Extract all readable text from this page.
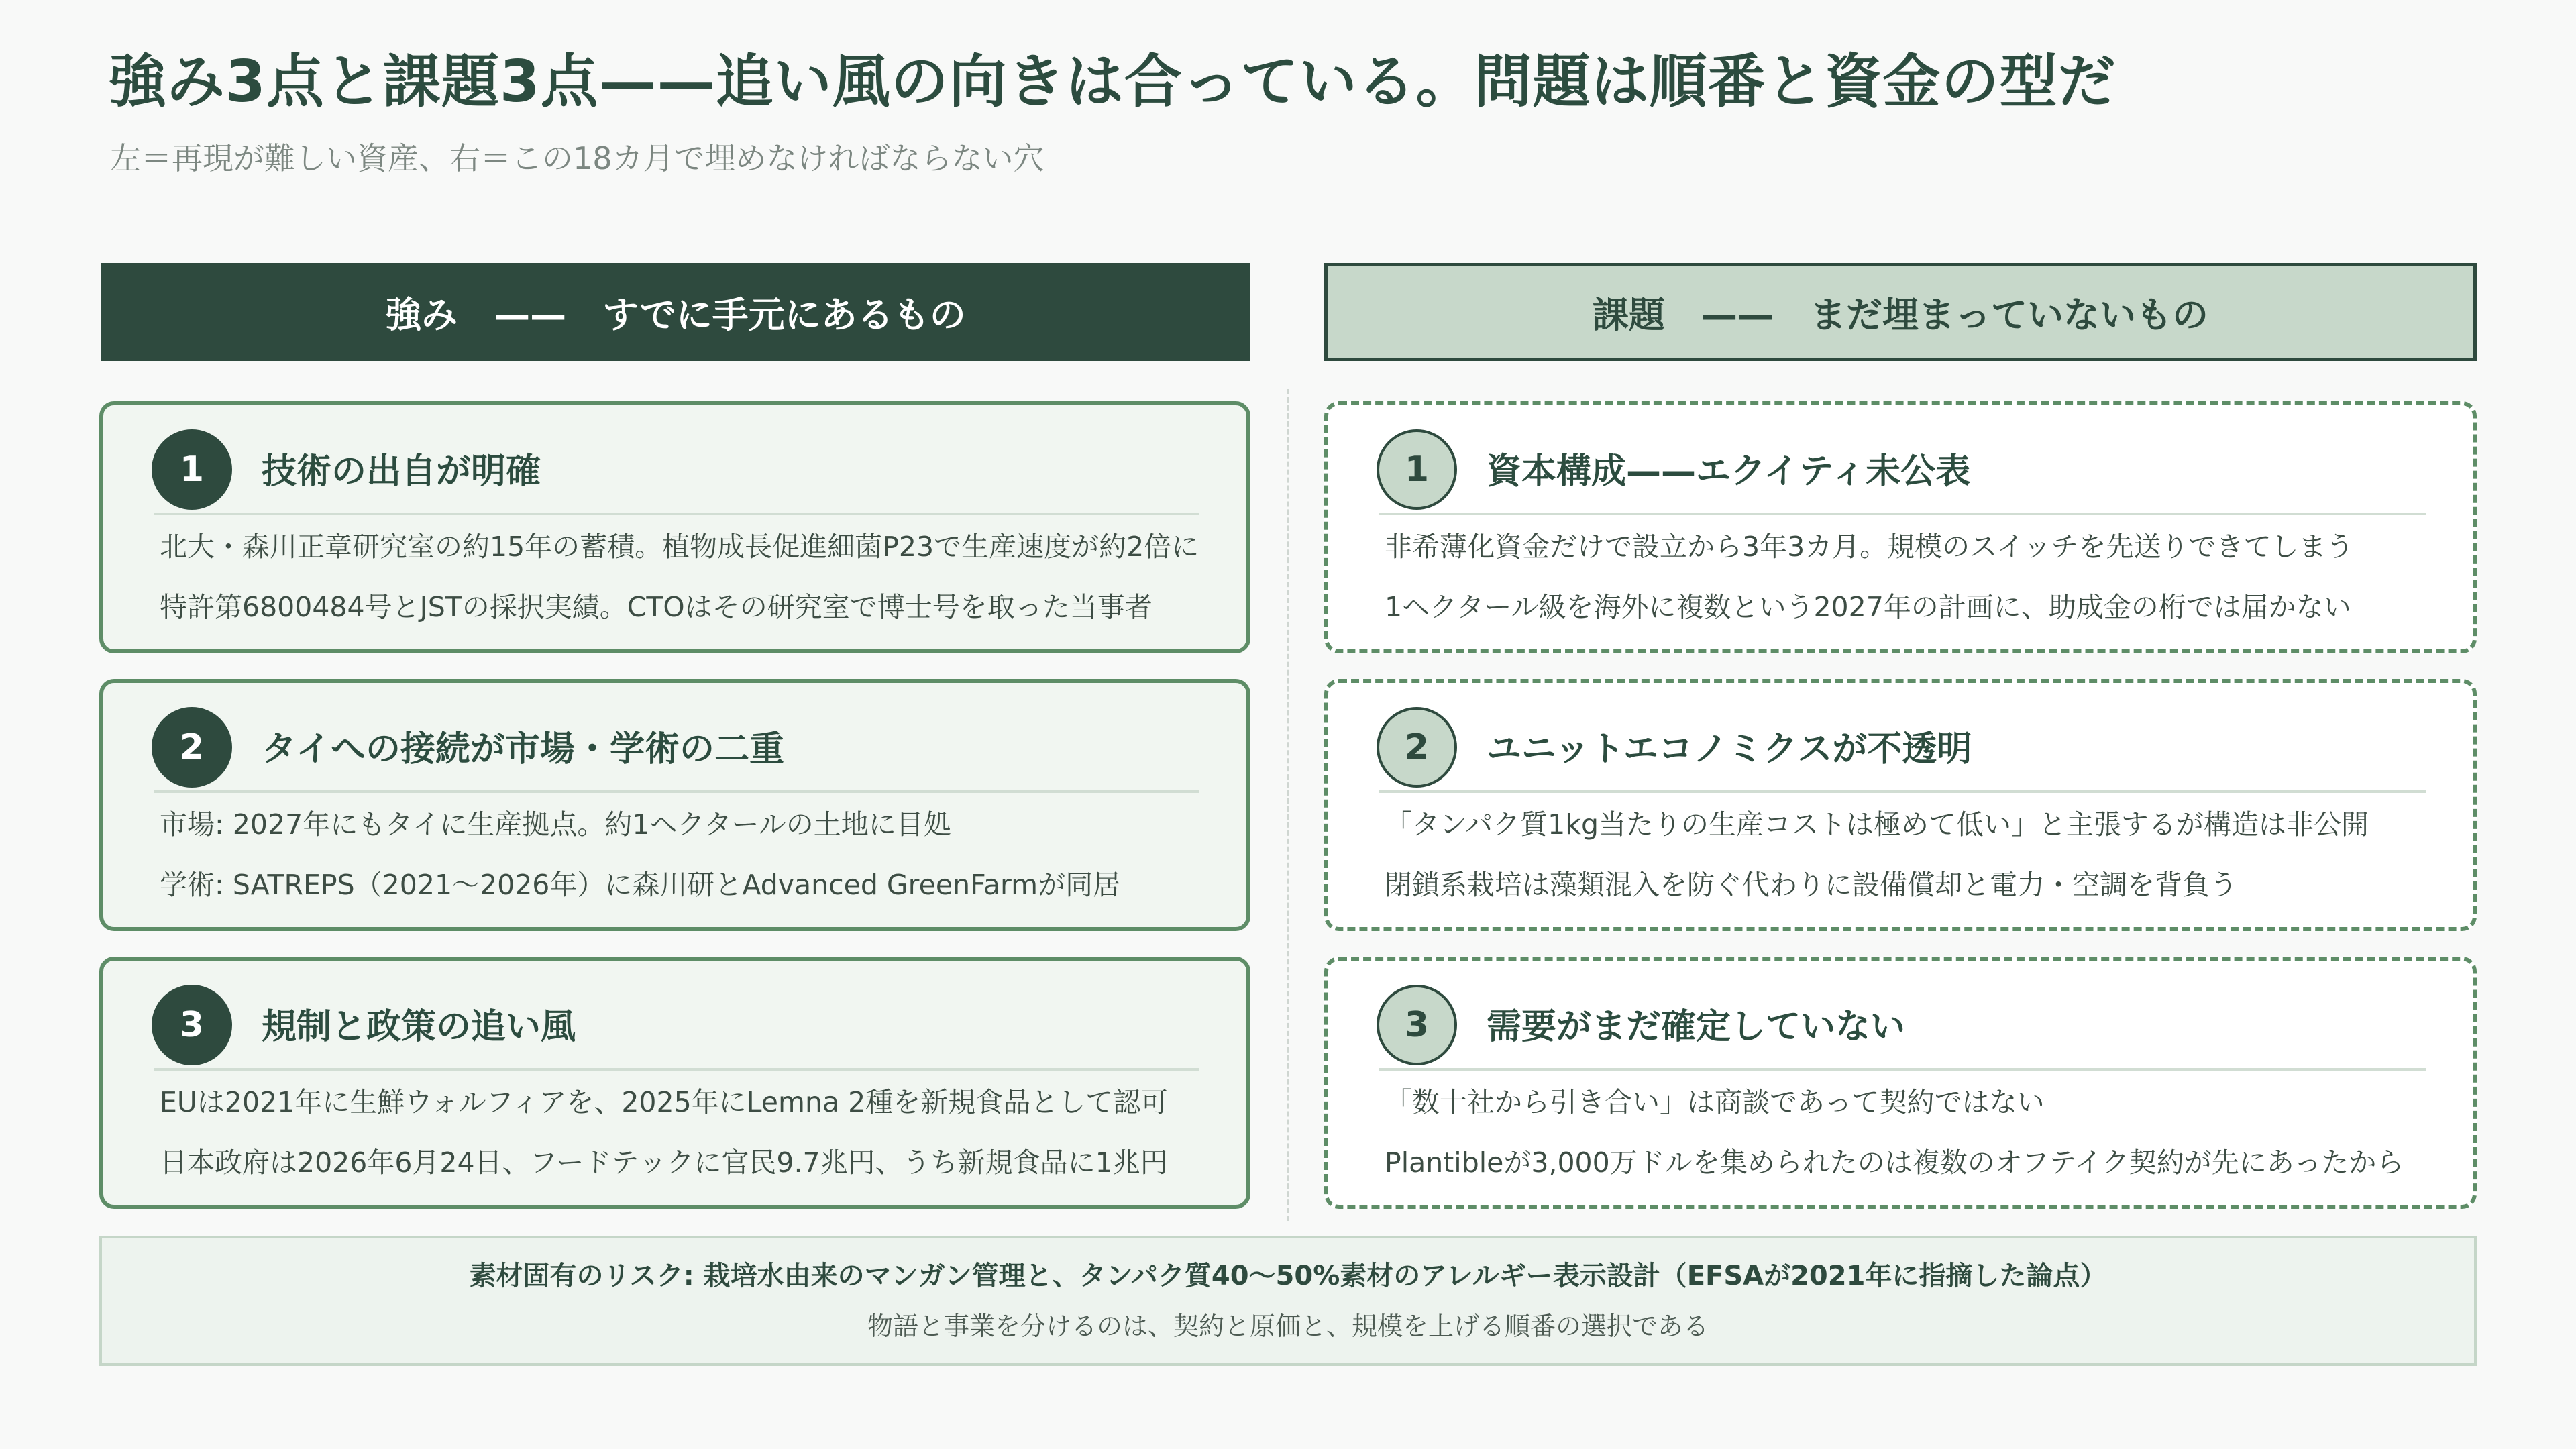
強み3点と課題3点——追い風の向きは合っている。問題は順番と資金の型だ
左＝再現が難しい資産、右＝この18カ月で埋めなければならない穴
強み　——　すでに手元にあるもの	課題　——　まだ埋まっていないもの
1	技術の出自が明確
北大・森川正章研究室の約15年の蓄積。植物成長促進細菌P23で生産速度が約2倍に
特許第6800484号とJSTの採択実績。CTOはその研究室で博士号を取った当事者
2	タイへの接続が市場・学術の二重
市場: 2027年にもタイに生産拠点。約1ヘクタールの土地に目処
学術: SATREPS（2021〜2026年）に森川研とAdvanced GreenFarmが同居
3	規制と政策の追い風
EUは2021年に生鮮ウォルフィアを、2025年にLemna 2種を新規食品として認可
日本政府は2026年6月24日、フードテックに官民9.7兆円、うち新規食品に1兆円
1	資本構成——エクイティ未公表
非希薄化資金だけで設立から3年3カ月。規模のスイッチを先送りできてしまう
1ヘクタール級を海外に複数という2027年の計画に、助成金の桁では届かない
2	ユニットエコノミクスが不透明
「タンパク質1kg当たりの生産コストは極めて低い」と主張するが構造は非公開
閉鎖系栽培は藻類混入を防ぐ代わりに設備償却と電力・空調を背負う
3	需要がまだ確定していない
「数十社から引き合い」は商談であって契約ではない
Plantibleが3,000万ドルを集められたのは複数のオフテイク契約が先にあったから
素材固有のリスク: 栽培水由来のマンガン管理と、タンパク質40〜50%素材のアレルギー表示設計（EFSAが2021年に指摘した論点）
物語と事業を分けるのは、契約と原価と、規模を上げる順番の選択である
